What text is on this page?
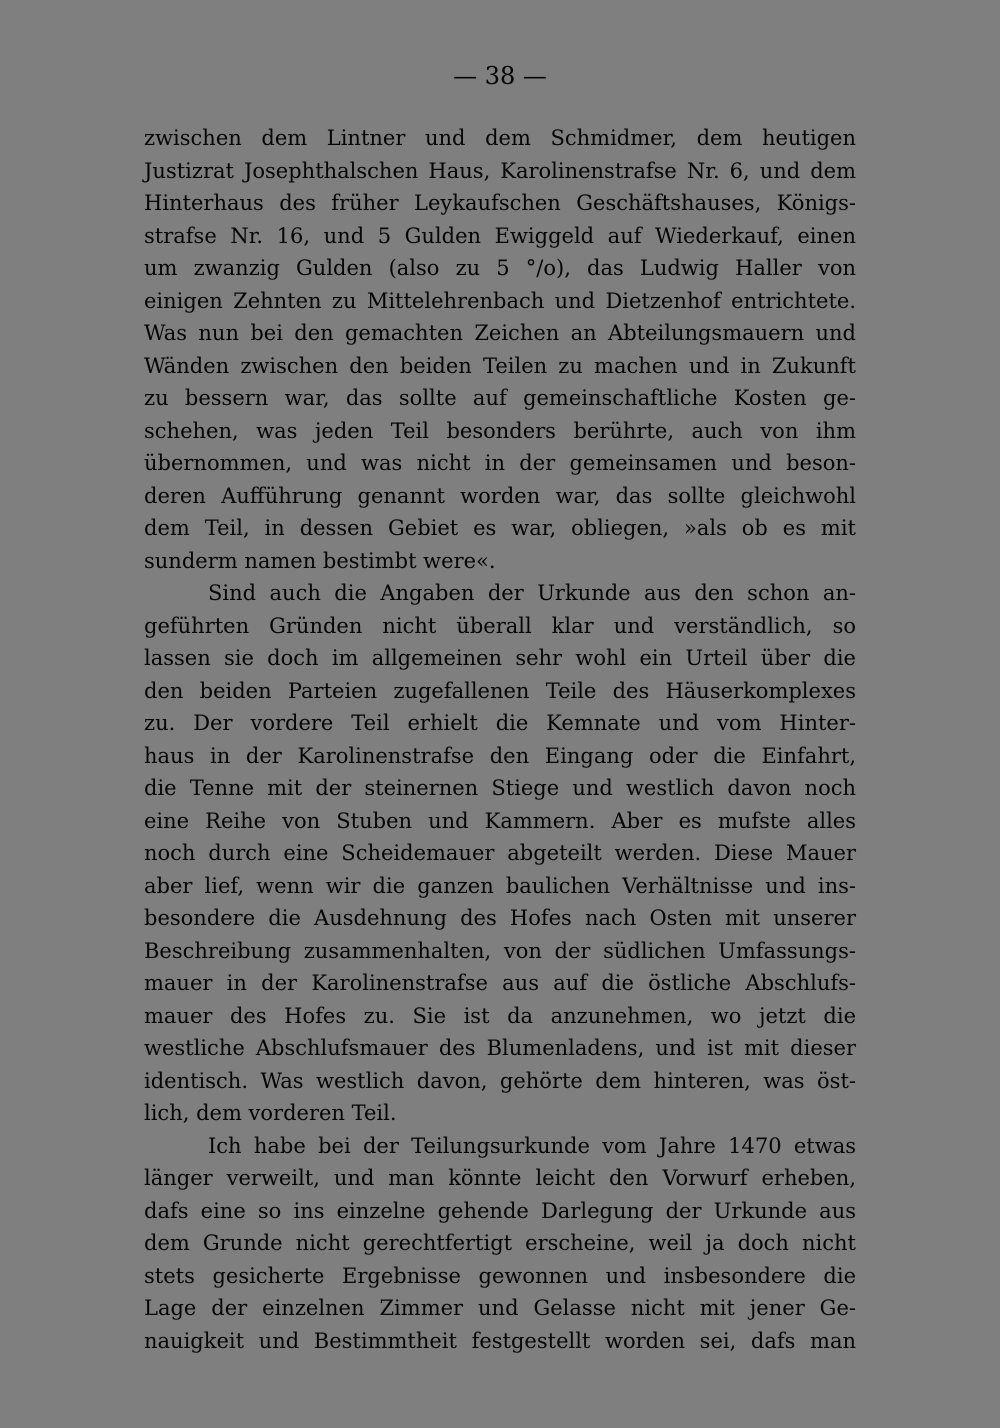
— 38 —
zwischen dem Lintner und dem Schmidmer, dem heutigen
Justizrat Josephthalschen Haus, Karolinenstrafse Nr. 6, und dem
Hinterhaus des früher Leykaufschen Geschäftshauses, Königs-
strafse Nr. 16, und 5 Gulden Ewiggeld auf Wiederkauf, einen
um zwanzig Gulden (also zu 5 °/o), das Ludwig Haller von
einigen Zehnten zu Mittelehrenbach und Dietzenhof entrichtete.
Was nun bei den gemachten Zeichen an Abteilungsmauern und
Wänden zwischen den beiden Teilen zu machen und in Zukunft
zu bessern war, das sollte auf gemeinschaftliche Kosten ge-
schehen, was jeden Teil besonders berührte, auch von ihm
übernommen, und was nicht in der gemeinsamen und beson-
deren Aufführung genannt worden war, das sollte gleichwohl
dem Teil, in dessen Gebiet es war, obliegen, »als ob es mit
sunderm namen bestimbt were«.
Sind auch die Angaben der Urkunde aus den schon an-
geführten Gründen nicht überall klar und verständlich, so
lassen sie doch im allgemeinen sehr wohl ein Urteil über die
den beiden Parteien zugefallenen Teile des Häuserkomplexes
zu. Der vordere Teil erhielt die Kemnate und vom Hinter-
haus in der Karolinenstrafse den Eingang oder die Einfahrt,
die Tenne mit der steinernen Stiege und westlich davon noch
eine Reihe von Stuben und Kammern. Aber es mufste alles
noch durch eine Scheidemauer abgeteilt werden. Diese Mauer
aber lief, wenn wir die ganzen baulichen Verhältnisse und ins-
besondere die Ausdehnung des Hofes nach Osten mit unserer
Beschreibung zusammenhalten, von der südlichen Umfassungs-
mauer in der Karolinenstrafse aus auf die östliche Abschlufs-
mauer des Hofes zu. Sie ist da anzunehmen, wo jetzt die
westliche Abschlufsmauer des Blumenladens, und ist mit dieser
identisch. Was westlich davon, gehörte dem hinteren, was öst-
lich, dem vorderen Teil.
Ich habe bei der Teilungsurkunde vom Jahre 1470 etwas
länger verweilt, und man könnte leicht den Vorwurf erheben,
dafs eine so ins einzelne gehende Darlegung der Urkunde aus
dem Grunde nicht gerechtfertigt erscheine, weil ja doch nicht
stets gesicherte Ergebnisse gewonnen und insbesondere die
Lage der einzelnen Zimmer und Gelasse nicht mit jener Ge-
nauigkeit und Bestimmtheit festgestellt worden sei, dafs man
